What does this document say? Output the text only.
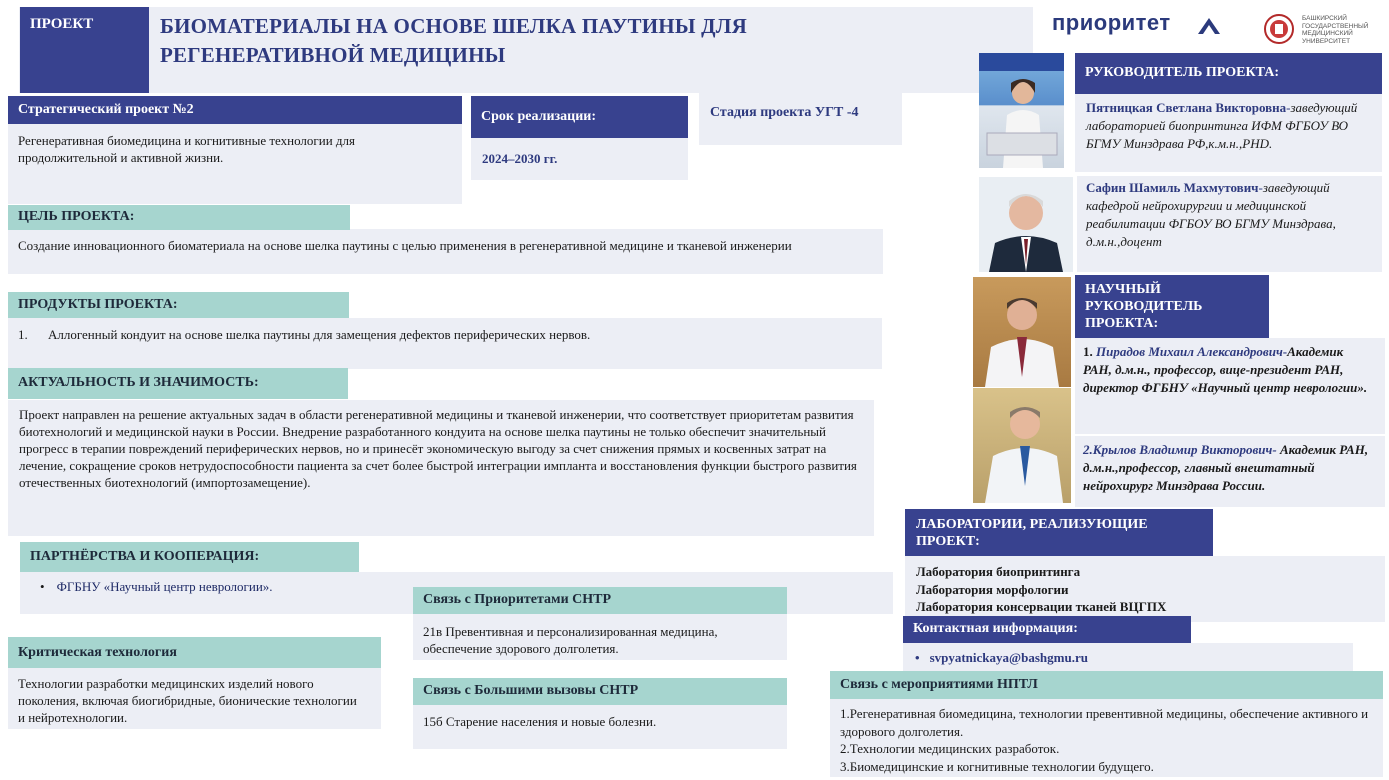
ПРОЕКТ	БИОМАТЕРИАЛЫ НА ОСНОВЕ ШЕЛКА ПАУТИНЫ ДЛЯ РЕГЕНЕРАТИВНОЙ МЕДИЦИНЫ
приоритет	БАШКИРСКИЙ ГОСУДАРСТВЕННЫЙ МЕДИЦИНСКИЙ УНИВЕРСИТЕТ
Стратегический проект №2
Регенеративная биомедицина и когнитивные технологии для продолжительной и активной жизни.
Срок реализации:
2024–2030 гг.
Стадия проекта УГТ -4
ЦЕЛЬ ПРОЕКТА:
Создание инновационного биоматериала на основе шелка паутины с целью применения в регенеративной медицине и тканевой инженерии
ПРОДУКТЫ ПРОЕКТА:
1. Аллогенный кондуит на основе шелка паутины для замещения дефектов периферических нервов.
АКТУАЛЬНОСТЬ И ЗНАЧИМОСТЬ:
Проект направлен на решение актуальных задач в области регенеративной медицины и тканевой инженерии, что соответствует приоритетам развития биотехнологий и медицинской науки в России. Внедрение разработанного кондуита на основе шелка паутины не только обеспечит значительный прогресс в терапии повреждений периферических нервов, но и принесёт экономическую выгоду за счет снижения прямых и косвенных затрат на лечение, сокращение сроков нетрудоспособности пациента за счет более быстрой интеграции импланта и восстановления функции быстрого развития отечественных биотехнологий (импортозамещение).
ПАРТНЁРСТВА И КООПЕРАЦИЯ:
• ФГБНУ «Научный центр неврологии».
Критическая технология
Технологии разработки медицинских изделий нового поколения, включая биогибридные, бионические технологии и нейротехнологии.
Связь с Приоритетами СНТР
21в Превентивная и персонализированная медицина, обеспечение здорового долголетия.
Связь с Большими вызовы СНТР
15б Старение населения и новые болезни.
РУКОВОДИТЕЛЬ ПРОЕКТА:
Пятницкая Светлана Викторовна-заведующий лабораторией биопринтинга ИФМ ФГБОУ ВО БГМУ Минздрава РФ,к.м.н.,PHD.
Сафин Шамиль Махмутович-заведующий кафедрой нейрохирургии и медицинской реабилитации ФГБОУ ВО БГМУ Минздрава, д.м.н.,доцент
НАУЧНЫЙ РУКОВОДИТЕЛЬ ПРОЕКТА:
1. Пирадов Михаил Александрович-Академик РАН, д.м.н., профессор, вице-президент РАН, директор ФГБНУ «Научный центр неврологии».
2.Крылов Владимир Викторович- Академик РАН, д.м.н.,профессор, главный внештатный нейрохирург Минздрава России.
ЛАБОРАТОРИИ, РЕАЛИЗУЮЩИЕ ПРОЕКТ:
Лаборатория биопринтинга
Лаборатория морфологии
Лаборатория консервации тканей ВЦГПХ
Контактная информация:
• svpyatnickaya@bashgmu.ru
Связь с мероприятиями НПТЛ
1.Регенеративная биомедицина, технологии превентивной медицины, обеспечение активного и здорового долголетия.
2.Технологии медицинских разработок.
3.Биомедицинские и когнитивные технологии будущего.
